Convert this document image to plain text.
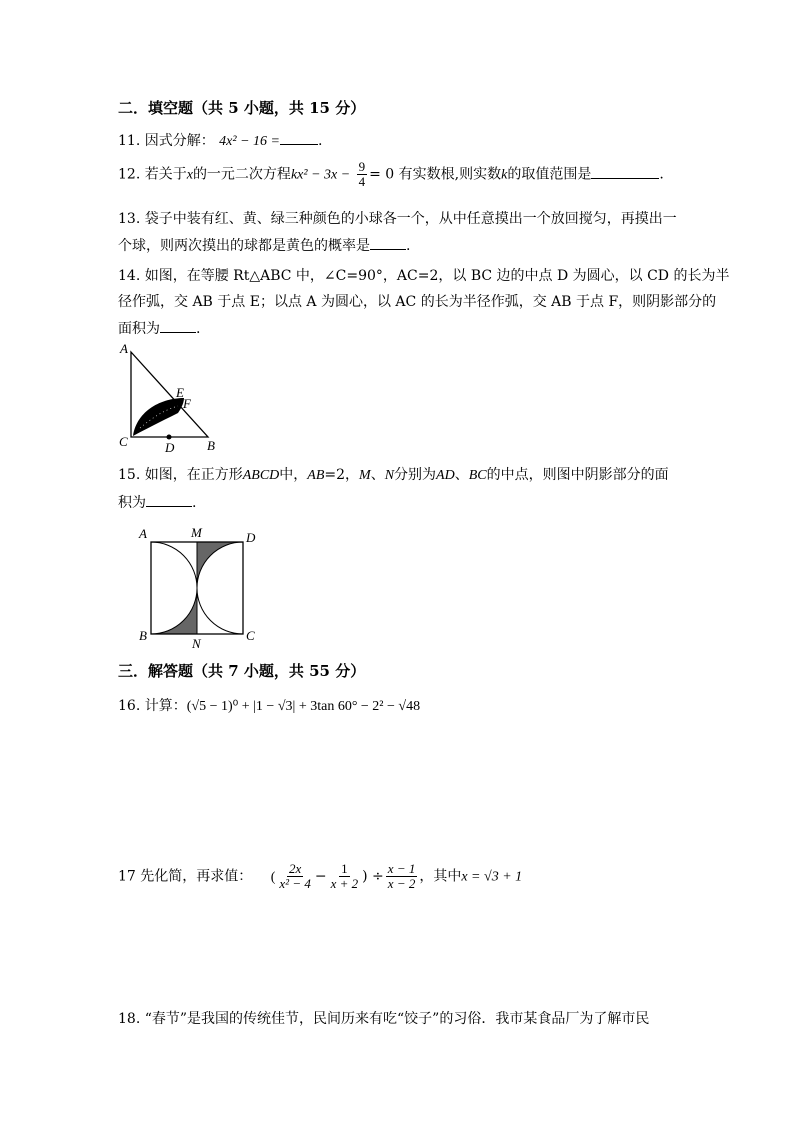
二．填空题（共 5 小题，共 15 分）
11. 因式分解： 4x² − 16 =	.
12. 若关于x的一元二次方程$kx^2 - 3x - \frac{9}{4} = 0$ 有实数根,则实数k的取值范围是	.
13. 袋子中装有红、黄、绿三种颜色的小球各一个，从中任意摸出一个放回搅匀，再摸出一
个球，则两次摸出的球都是黄色的概率是	.
14. 如图，在等腰 Rt△ABC 中，∠C=90°，AC=2，以 BC 边的中点 D 为圆心，以 CD 的长为半
径作弧，交 AB 于点 E；以点 A 为圆心，以 AC 的长为半径作弧，交 AB 于点 F，则阴影部分的
面积为	.
A
C	B
D
E
F
15. 如图，在正方形ABCD中，AB=2，M、N分别为AD、BC的中点，则图中阴影部分的面
积为	.
A	M	D
B
N
C
三．解答题（共 7 小题，共 55 分）
16. 计算：(√5 − 1)⁰ + |1 − √3| + 3tan 60° − 2² − √48
17 先化简，再求值： ( $\frac{2x}{\text{x² − 4}} - \frac{1}{x + 2}$ ) ÷ $\frac{x - 1}{x - 2}$ ，其中x = √3 + 1
18. “春节”是我国的传统佳节，民间历来有吃“饺子”的习俗．我市某食品厂为了解市民
